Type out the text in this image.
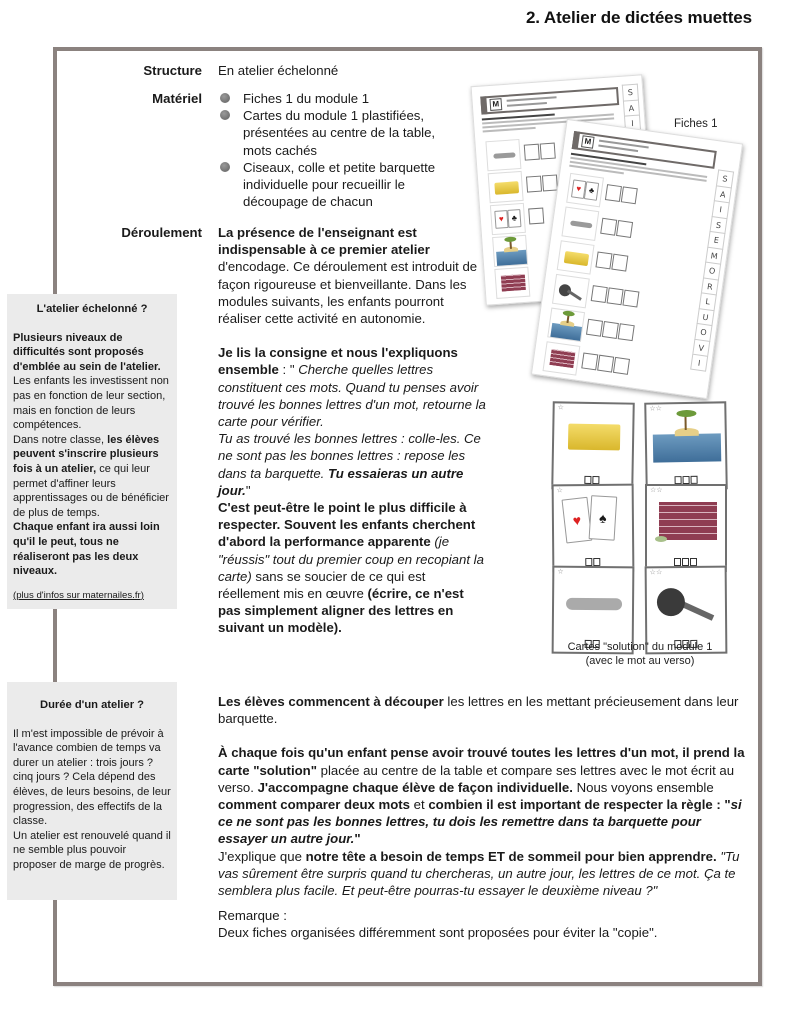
2. Atelier de dictées muettes
Structure En atelier échelonné
Matériel	Fiches 1 du module 1
Cartes du module 1 plastifiées, présentées au centre de la table, mots cachés
Ciseaux, colle et petite barquette individuelle pour recueillir le découpage de chacun
Déroulement La présence de l'enseignant est indispensable à ce premier atelier d'encodage. Ce déroulement est introduit de façon rigoureuse et bienveillante. Dans les modules suivants, les enfants pourront réaliser cette activité en autonomie.

Je lis la consigne et nous l'expliquons ensemble : " Cherche quelles lettres constituent ces mots. Quand tu penses avoir trouvé les bonnes lettres d'un mot, retourne la carte pour vérifier.
Tu as trouvé les bonnes lettres : colle-les. Ce ne sont pas les bonnes lettres : repose les dans ta barquette. Tu essaieras un autre jour."

C'est peut-être le point le plus difficile à respecter. Souvent les enfants cherchent d'abord la performance apparente (je "réussis" tout du premier coup en recopiant la carte) sans se soucier de ce qui est réellement mis en œuvre (écrire, ce n'est pas simplement aligner des lettres en suivant un modèle).

Les élèves commencent à découper les lettres en les mettant précieusement dans leur barquette.

À chaque fois qu'un enfant pense avoir trouvé toutes les lettres d'un mot, il prend la carte "solution" placée au centre de la table et compare ses lettres avec le mot écrit au verso. J'accompagne chaque élève de façon individuelle. Nous voyons ensemble comment comparer deux mots et combien il est important de respecter la règle : "si ce ne sont pas les bonnes lettres, tu dois les remettre dans ta barquette pour essayer un autre jour."

J'explique que notre tête a besoin de temps ET de sommeil pour bien apprendre. "Tu vas sûrement être surpris quand tu chercheras, un autre jour, les lettres de ce mot. Ça te semblera plus facile. Et peut-être pourras-tu essayer le deuxième niveau ?"

Remarque :

Deux fiches organisées différemment sont proposées pour éviter la "copie".

L'atelier échelonné ?
Plusieurs niveaux de difficultés sont proposés d'emblée au sein de l'atelier. Les enfants les investissent non pas en fonction de leur section, mais en fonction de leurs compétences.
Dans notre classe, les élèves peuvent s'inscrire plusieurs fois à un atelier, ce qui leur permet d'affiner leurs apprentissages ou de bénéficier de plus de temps.
Chaque enfant ira aussi loin qu'il le peut, tous ne réaliseront pas les deux niveaux.
(plus d'infos sur maternailes.fr)
Durée d'un atelier ?
Il m'est impossible de prévoir à l'avance combien de temps va durer un atelier : trois jours ? cinq jours ? Cela dépend des élèves, de leurs besoins, de leur progression, des effectifs de la classe.
Un atelier est renouvelé quand il ne semble plus pouvoir proposer de marge de progrès.
M
♥ ♣
S
A
I
M
♥ ♣
S
A
I
S
E
M
O
R
L
U
O
V
I
Fiches 1
☆	☆☆
☆
♥	♠
☆☆
☆	☆☆
Cartes "solution" du module 1
(avec le mot au verso)
